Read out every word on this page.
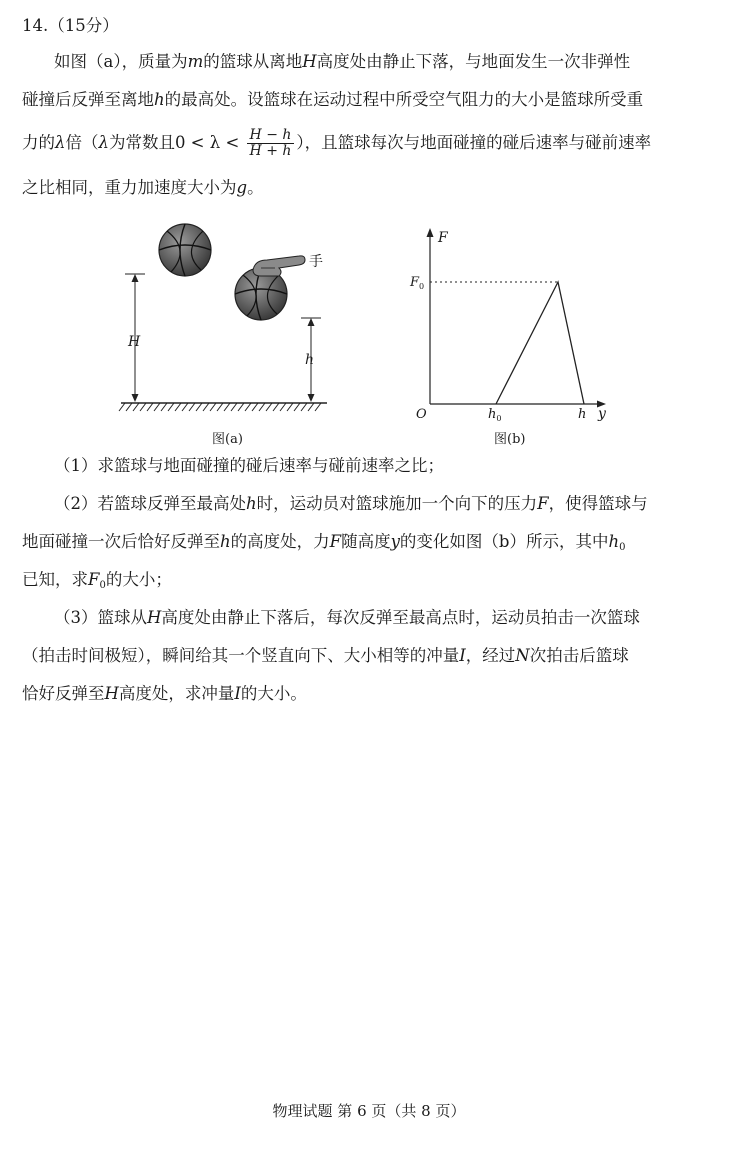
14.（15分）
如图（a），质量为m的篮球从离地H高度处由静止下落，与地面发生一次非弹性
碰撞后反弹至离地h的最高处。设篮球在运动过程中所受空气阻力的大小是篮球所受重
力的λ倍（λ为常数且$0 < \lambda < \frac{H - h}{H + h}$ ），且篮球每次与地面碰撞的碰后速率与碰前速率
之比相同，重力加速度大小为g。
手
H
h
图(a)
F
y
O
$F_0$
$h_0$	h
图(b)
（1）求篮球与地面碰撞的碰后速率与碰前速率之比；
（2）若篮球反弹至最高处h时，运动员对篮球施加一个向下的压力F，使得篮球与
地面碰撞一次后恰好反弹至h的高度处，力F随高度y的变化如图（b）所示，其中$h_0$
已知，求$F_0$的大小；
（3）篮球从H高度处由静止下落后，每次反弹至最高点时，运动员拍击一次篮球
（拍击时间极短），瞬间给其一个竖直向下、大小相等的冲量I，经过N次拍击后篮球
恰好反弹至H高度处，求冲量I的大小。
物理试题 第 6 页（共 8 页）
